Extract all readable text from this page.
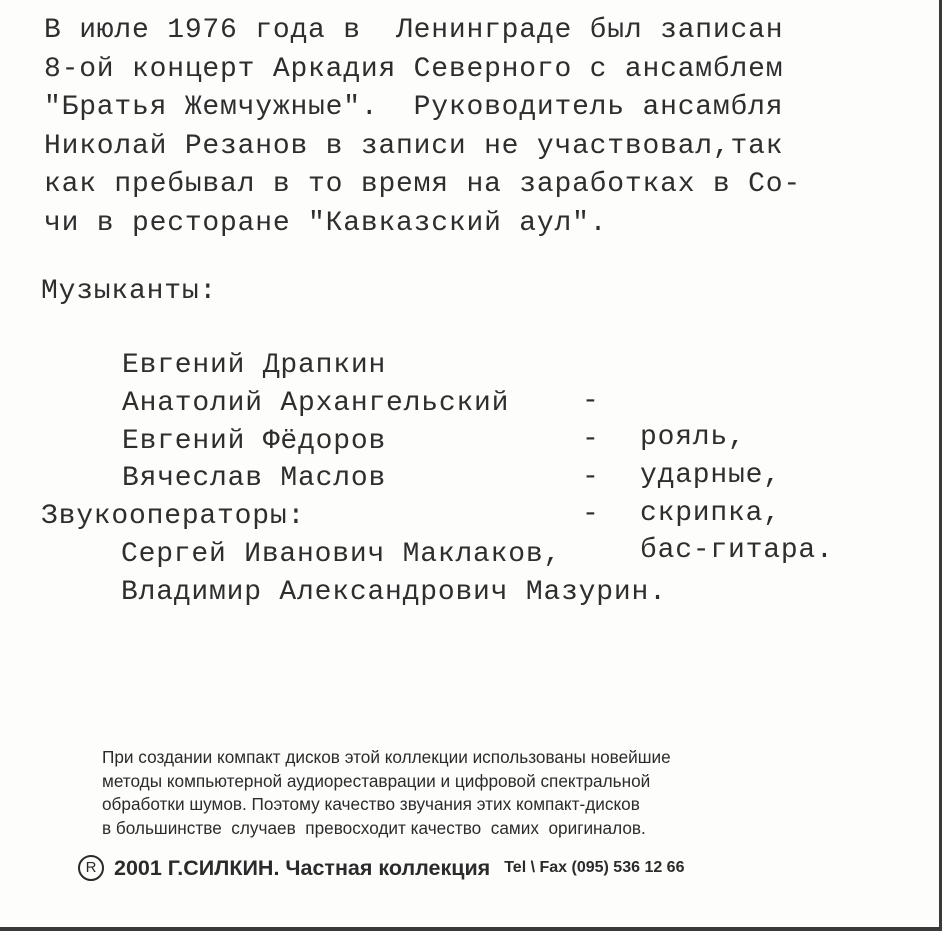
В июле 1976 года в  Ленинграде был записан
8-ой концерт Аркадия Северного с ансамблем
"Братья Жемчужные".  Руководитель ансамбля
Николай Резанов в записи не участвовал,так
как пребывал в то время на заработках в Со-
чи в ресторане "Кавказский аул".
Музыканты:

Евгений Драпкин

-

рояль,

Анатолий Архангельский

-

ударные,

Евгений Фёдоров

-

скрипка,

Вячеслав Маслов

-

бас-гитара.

Звукооператоры:
Сергей Иванович Маклаков,
Владимир Александрович Мазурин.
При создании компакт дисков этой коллекции использованы новейшие
методы компьютерной аудиореставрации и цифровой спектральной
обработки шумов. Поэтому качество звучания этих компакт-дисков
в большинстве  случаев  превосходит качество  самих  оригиналов.
R 2001 Г.СИЛКИН. Частная коллекция Tel \ Fax (095) 536 12 66
